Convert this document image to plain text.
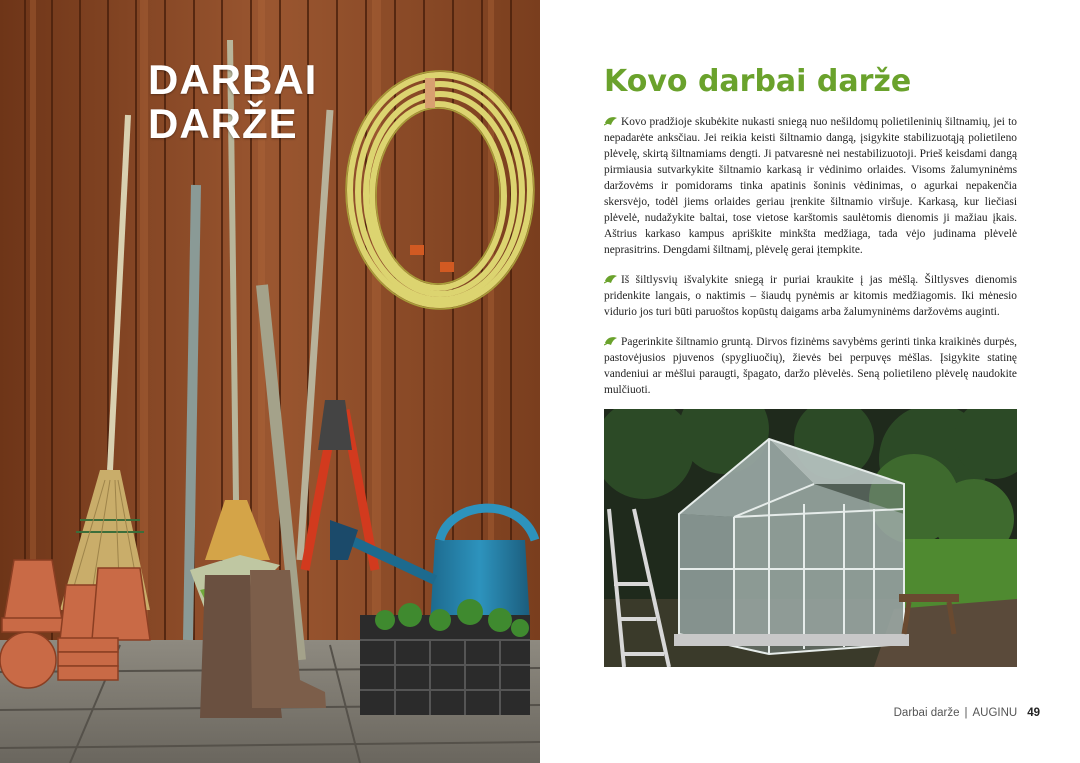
DARBAI
DARŽE
Kovo darbai darže

Kovo pradžioje skubėkite nukasti sniegą nuo nešildomų polietileninių šiltnamių, jei to nepadarėte anksčiau. Jei reikia keisti šiltnamio dangą, įsigykite stabilizuotąją polietileno plėvelę, skirtą šiltnamiams dengti. Ji patvaresnė nei nestabilizuotoji. Prieš keisdami dangą pirmiausia sutvarkykite šiltnamio karkasą ir vėdinimo orlaides. Visoms žalumyninėms daržovėms ir pomidorams tinka apatinis šoninis vėdinimas, o agurkai nepakenčia skersvėjo, todėl jiems orlaides geriau įrenkite šiltnamio viršuje. Karkasą, kur liečiasi plėvelė, nudažykite baltai, tose vietose karštomis saulėtomis dienomis ji mažiau įkais. Aštrius karkaso kampus apriškite minkšta medžiaga, tada vėjo judinama plėvelė neprasitrins. Dengdami šiltnamį, plėvelę gerai įtempkite.

Iš šiltlysvių išvalykite sniegą ir puriai kraukite į jas mėšlą. Šiltlysves dienomis pridenkite langais, o naktimis – šiaudų pynėmis ar kitomis medžiagomis. Iki mėnesio vidurio jos turi būti paruoštos kopūstų daigams arba žalumyninėms daržovėms auginti.

Pagerinkite šiltnamio gruntą. Dirvos fizinėms savybėms gerinti tinka kraikinės durpės, pastovėjusios pjuvenos (spygliuočių), žievės bei perpuvęs mėšlas. Įsigykite statinę vandeniui ar mėšlui paraugti, špagato, daržo plėvelės. Seną polietileno plėvelę naudokite mulčiuoti.

Darbai darže | AUGINU 49
